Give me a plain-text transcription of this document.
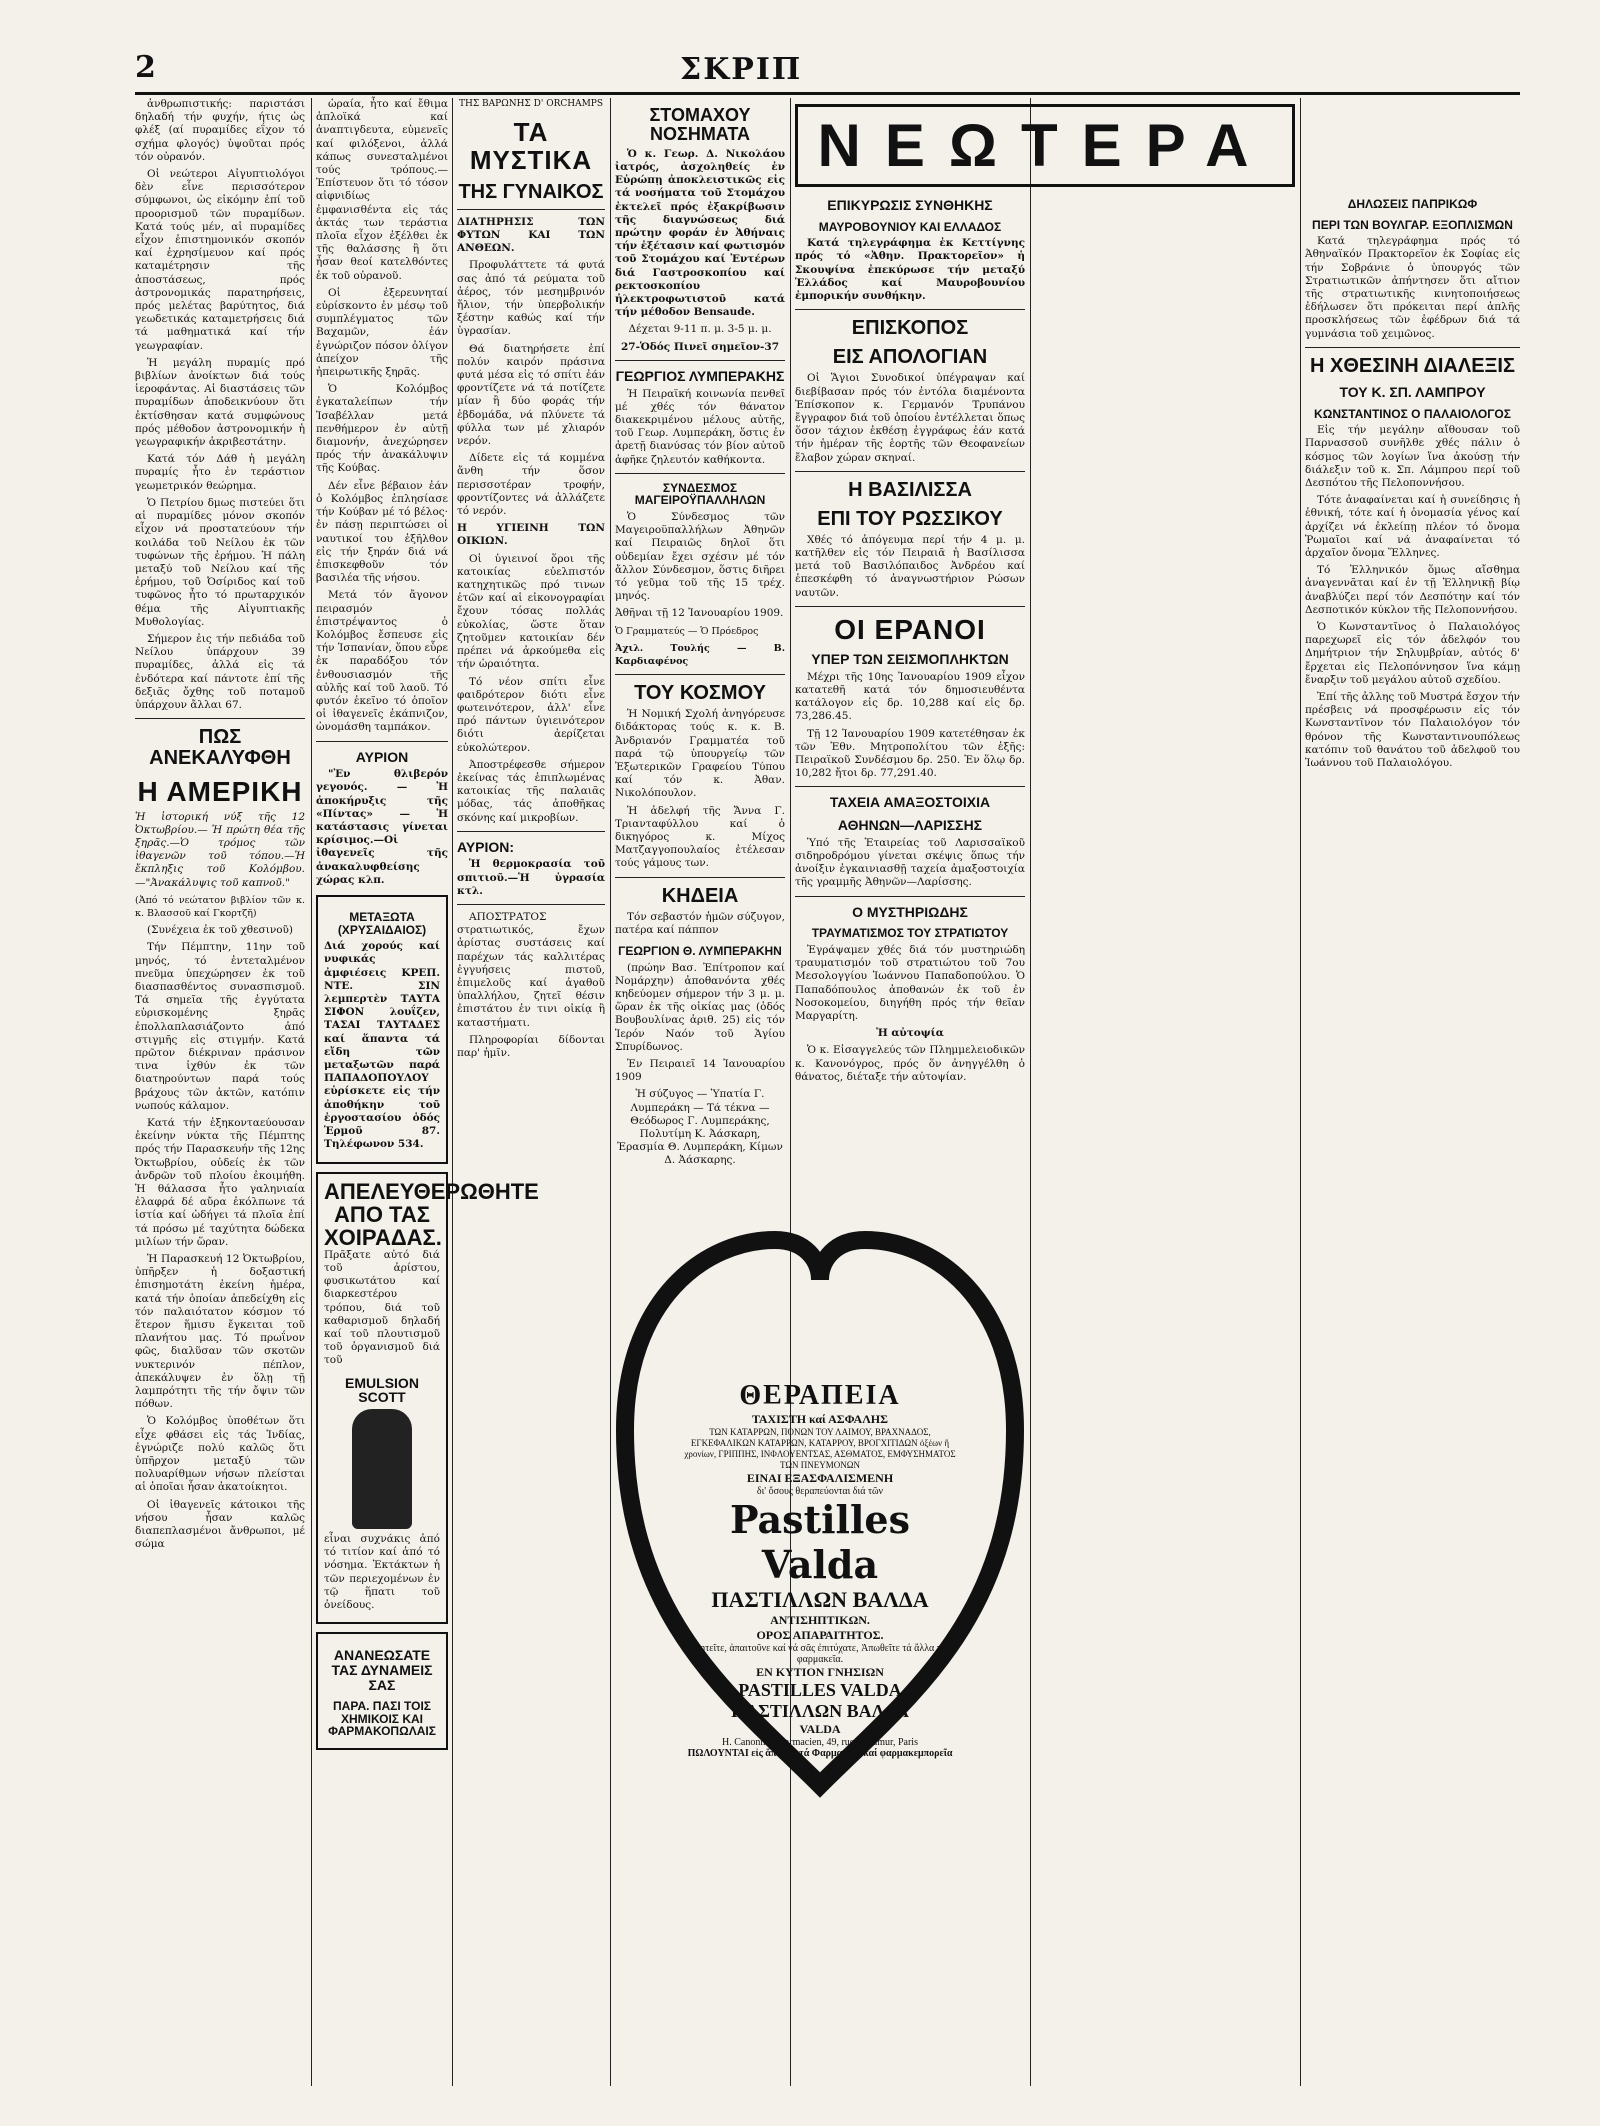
2	ΣΚΡΙΠ

ἀνθρωπιστικής: παριστάσι δηλαδή τήν φυχήν, ήτις ὡς φλέξ (αί πυραμίδες εΐχον τό σχήμα φλογός) ὑψοῦται πρός τόν οὐρανόν.

Οἱ νεώτεροι Αἰγυπτιολόγοι δὲν εἶνε περισσότερον σύμφωνοι, ὡς εἰκόμην ἐπί τοῦ προορισμοῦ τῶν πυραμίδων. Κατά τούς μέν, αἱ πυραμίδες εἶχον ἐπιστημονικόν σκοπόν καί ἐχρησίμευον καί πρός καταμέτρησιν τῆς ἀποστάσεως, πρός ἀστρονομικάς παρατηρήσεις, πρός μελέτας βαρύτητος, διά γεωδετικάς καταμετρήσεις διά τά μαθηματικά καί τήν γεωγραφίαν.

Ἡ μεγάλη πυραμίς πρό βιβλίων ἀνοίκτων διά τούς ἱεροφάντας. Αἱ διαστάσεις τῶν πυραμίδων ἀποδεικνύουν ὅτι ἐκτίσθησαν κατά συμφώνους πρός μέθοδον ἀστρονομικήν ἡ γεωγραφικήν ἀκριβεστάτην.

Κατά τόν Δάθ ἡ μεγάλη πυραμίς ἦτο ἐν τεράστιον γεωμετρικόν θεώρημα.

Ὁ Πετρίου δμως πιστεύει ὅτι αἱ πυραμίδες μόνον σκοπόν εἶχον νά προστατεύουν τήν κοιλάδα τοῦ Νείλου ἐκ τῶν τυφώνων τῆς ἐρήμου. Ἡ πάλη μεταξύ τοῦ Νείλου καί τῆς ἐρήμου, τοῦ Ὀσίριδος καί τοῦ τυφῶνος ἦτο τό πρωταρχικόν θέμα τῆς Αἰγυπτιακῆς Μυθολογίας.

Σήμερον ἐις τήν πεδιάδα τοῦ Νείλου ὑπάρχουν 39 πυραμίδες, ἀλλά εἰς τά ἐνδότερα καί πάντοτε ἐπί τῆς δεξιᾶς ὄχθης τοῦ ποταμοῦ ὑπάρχουν ἄλλαι 67.

ΠΩΣ ΑΝΕΚΑΛΥΦΘΗ
Η ΑΜΕΡΙΚΗ

Ἡ ἱστορική νύξ τῆς 12 Ὀκτωβρίου.— Ἡ πρώτη θέα τῆς ξηρᾶς.—Ὁ τρόμος τῶν ἰθαγενῶν τοῦ τόπου.—Ἡ ἔκπληξις τοῦ Κολόμβου.—"Ἀνακάλυψις τοῦ καπνοῦ."

(Ἀπό τό νεώτατον βιβλίον τῶν κ. κ. Βλασσοῦ καί Γκορτζῆ)

(Συνέχεια ἐκ τοῦ χθεσινοῦ)

Τήν Πέμπτην, 11ην τοῦ μηνός, τό ἐντεταλμένον πνεῦμα ὑπεχώρησεν ἐκ τοῦ διασπασθέντος συνασπισμοῦ. Τά σημεῖα τῆς ἐγγύτατα εὑρισκομένης ξηρᾶς ἐπολλαπλασιάζοντο ἀπό στιγμῆς εἰς στιγμήν. Κατά πρῶτον διέκριναν πράσινον τινα ἰχθύν ἐκ τῶν διατηρούντων παρά τούς βράχους τῶν ἀκτῶν, κατόπιν νωπούς κάλαμον.

Κατά τήν ἑξηκονταεύουσαν ἐκείνην νύκτα τῆς Πέμπτης πρός τήν Παρασκευήν τῆς 12ης Ὀκτωβρίου, οὐδείς ἐκ τῶν ἀνδρῶν τοῦ πλοίου ἐκοιμήθη. Ἡ θάλασσα ἦτο γαληνιαία ἐλαφρά δέ αὔρα ἐκόλπωνε τά ἱστία καί ὡδήγει τά πλοῖα ἐπί τά πρόσω μέ ταχύτητα δώδεκα μιλίων τήν ὥραν.

Ἡ Παρασκευή 12 Ὀκτωβρίου, ὑπῆρξεν ἡ δοξαστική ἐπισημοτάτη ἐκείνη ἡμέρα, κατά τήν ὁποίαν ἀπεδείχθη εἰς τόν παλαιότατον κόσμον τό ἕτερον ἥμισυ ἔγκειται τοῦ πλανήτου μας. Τό πρωΐνον φῶς, διαλῦσαν τῶν σκοτῶν νυκτερινόν πέπλον, ἀπεκάλυψεν ἐν ὅλῃ τῇ λαμπρότητι τῆς τήν ὄψιν τῶν πόθων.

Ὁ Κολόμβος ὑποθέτων ὅτι εἶχε φθάσει εἰς τάς Ἰνδίας, ἐγνώριζε πολύ καλῶς ὅτι ὑπῆρχον μεταξύ τῶν πολυαρίθμων νήσων πλείσται αἱ ὁποῖαι ἦσαν ἀκατοίκητοι.

Οἱ ἰθαγενεῖς κάτοικοι τῆς νήσου ἦσαν καλῶς διαπεπλασμένοι ἄνθρωποι, μέ σώμα

ὡραία, ἦτο καί ἔθιμα ἁπλοϊκά καί ἀναπτιγδευτα, εὐμενεῖς καί φιλόξενοι, ἀλλά κάπως συνεσταλμένοι τούς τρόπους.— Ἐπίστευον ὅτι τό τόσον αἰφνιδίως ἐμφανισθέντα εἰς τάς ἀκτάς των τεράστια πλοῖα εἶχον ἐξέλθει ἐκ τῆς θαλάσσης ἢ ὅτι ἦσαν θεοί κατελθόντες ἐκ τοῦ οὐρανοῦ.

Οἱ ἐξερευνηταί εὐρίσκοντο ἐν μέσῳ τοῦ συμπλέγματος τῶν Βαχαμῶν, ἐάν ἐγνώριζον πόσον ὀλίγον ἀπείχον τῆς ἠπειρωτικῆς ξηρᾶς.

Ὁ Κολόμβος ἐγκαταλείπων τήν Ἰσαβέλλαν μετά πενθήμερον ἐν αὐτῇ διαμονήν, ἀνεχώρησεν πρός τήν ἀνακάλυψιν τῆς Κούβας.

Δέν εἶνε βέβαιον ἐάν ὁ Κολόμβος ἐπλησίασε τήν Κούβαν μέ τό βέλος· ἐν πάσῃ περιπτώσει οἱ ναυτικοί του ἐξῆλθον εἰς τήν ξηράν διά νά ἐπισκεφθοῦν τόν βασιλέα τῆς νήσου.

Μετά τόν ἄγονον πειρασμόν ἐπιστρέψαντος ὁ Κολόμβος ἔσπευσε εἰς τήν Ἰσπανίαν, ὅπου εὗρε ἐκ παραδόξου τόν ἐνθουσιασμόν τῆς αὐλῆς καί τοῦ λαοῦ. Τό φυτόν ἐκεῖνο τό ὁποῖον οἱ ἰθαγενεῖς ἐκάπνιζον, ὠνομάσθη ταμπάκον.

ΑΥΡΙΟΝ

"Ἐν θλιβερόν γεγονός. — Ἡ ἀποκήρυξις τῆς «Πίντας» — Ἡ κατάστασις γίνεται κρίσιμος.—Οἱ ἰθαγενεῖς τῆς ἀνακαλυφθείσης χώρας κλπ.

ΜΕΤΑΞΩΤΑ (ΧΡΥΣΑΙΔΑΙΟΣ)

Διά χορούς καί νυφικάς ἀμφιέσεις ΚΡΕΠ. ΝΤΕ. ΣΙΝ λεμπερτὲν ΤΑΥΤΑ ΣΙΦΟΝ λουΐζεν, ΤΑΣΑΙ ΤΑΥΤΑΔΕΣ καί ἅπαντα τά εἴδη τῶν μεταξωτῶν παρά ΠΑΠΑΔΟΠΟΥΛΟΥ εὑρίσκετε εἰς τήν ἀποθήκην τοῦ ἐργοστασίου ὁδός Ἑρμοῦ 87. Τηλέφωνον 534.

ΑΠΕΛΕΥΘΕΡΩΘΗΤΕ ΑΠΟ ΤΑΣ ΧΟΙΡΑΔΑΣ.

Πρᾶξατε αὐτό διά τοῦ ἀρίστου, φυσικωτάτου καί διαρκεστέρου τρόπου, διά τοῦ καθαρισμοῦ δηλαδή καί τοῦ πλουτισμοῦ τοῦ ὀργανισμοῦ διά τοῦ

EMULSION SCOTT

εἶναι συχνάκις ἀπό τό τιτίον καί ἀπό τό νόσημα. Ἐκτάκτων ἡ τῶν περιεχομένων ἐν τῷ ἥπατι τοῦ ὀνείδους.

ΑΝΑΝΕΩΣΑΤΕ ΤΑΣ ΔΥΝΑΜΕΙΣ ΣΑΣ
ΠΑΡΑ. ΠΑΣΙ ΤΟΙΣ ΧΗΜΙΚΟΙΣ ΚΑΙ ΦΑΡΜΑΚΟΠΩΛΑΙΣ
ΤΗΣ ΒΑΡΩΝΗΣ D' ORCHAMPS
ΤΑ ΜΥΣΤΙΚΑ
ΤΗΣ ΓΥΝΑΙΚΟΣ

ΔΙΑΤΗΡΗΣΙΣ ΤΩΝ ΦΥΤΩΝ ΚΑΙ ΤΩΝ ΑΝΘΕΩΝ.

Προφυλάττετε τά φυτά σας ἀπό τά ρεύματα τοῦ ἀέρος, τόν μεσημβρινόν ἥλιον, τήν ὑπερβολικήν ξέστην καθώς καί τήν ὑγρασίαν.

Θά διατηρήσετε ἐπί πολύν καιρόν πράσινα φυτά μέσα εἰς τό σπίτι ἐάν φροντίζετε νά τά ποτίζετε μίαν ἢ δύο φοράς τήν ἑβδομάδα, νά πλύνετε τά φύλλα των μέ χλιαρόν νερόν.

Δίδετε εἰς τά κομμένα ἄνθη τήν ὅσον περισσοτέραν τροφήν, φροντίζοντες νά ἀλλάζετε τό νερόν.

Η ΥΓΙΕΙΝΗ ΤΩΝ ΟΙΚΙΩΝ.

Οἱ ὑγιεινοί ὅροι τῆς κατοικίας εὐελπιστόν κατηχητικῶς πρό τινων ἐτῶν καί αἱ εἰκονογραφίαι ἔχουν τόσας πολλάς εὐκολίας, ὥστε ὅταν ζητοῦμεν κατοικίαν δέν πρέπει νά ἀρκούμεθα εἰς τήν ὡραιότητα.

Τό νέον σπίτι εἶνε φαιδρότερον διότι εἶνε φωτεινότερον, ἀλλ' εἶνε πρό πάντων ὑγιεινότερον διότι ἀερίζεται εὐκολώτερον.

Ἀποστρέφεσθε σήμερον ἐκείνας τάς ἐπιπλωμένας κατοικίας τῆς παλαιᾶς μόδας, τάς ἀποθῆκας σκόνης καί μικροβίων.

ΑΥΡΙΟΝ:

Ἡ θερμοκρασία τοῦ σπιτιοῦ.—Ἡ ὑγρασία κτλ.

ΑΠΟΣΤΡΑΤΟΣ στρατιωτικός, ἔχων ἀρίστας συστάσεις καί παρέχων τάς καλλιτέρας ἐγγυήσεις πιστοῦ, ἐπιμελοῦς καί ἀγαθοῦ ὑπαλλήλου, ζητεῖ θέσιν ἐπιστάτου ἐν τινι οἰκίᾳ ἢ καταστήματι.

Πληροφορίαι δίδονται παρ' ἡμῖν.

ΣΤΟΜΑΧΟΥ ΝΟΣΗΜΑΤΑ

Ὁ κ. Γεωρ. Δ. Νικολάου ἰατρός, ἀσχοληθείς ἐν Εὐρώπῃ ἀποκλειστικῶς εἰς τά νοσήματα τοῦ Στομάχου ἐκτελεῖ πρός ἐξακρίβωσιν τῆς διαγνώσεως διά πρώτην φοράν ἐν Ἀθήναις τήν ἐξέτασιν καί φωτισμόν τοῦ Στομάχου καί Ἐντέρων διά Γαστροσκοπίου καί ρεκτοσκοπίου ἠλεκτροφωτιστοῦ κατά τήν μέθοδον Bensaude.

Δέχεται 9-11 π. μ. 3-5 μ. μ.

27-Ὁδός Πινεῖ σημεῖον-37

ΓΕΩΡΓΙΟΣ ΛΥΜΠΕΡΑΚΗΣ

Ἡ Πειραϊκή κοινωνία πενθεῖ μέ χθές τόν θάνατον διακεκριμένου μέλους αὐτῆς, τοῦ Γεωρ. Λυμπεράκη, ὅστις ἐν ἀρετῇ διανύσας τόν βίον αὐτοῦ ἀφῆκε ζηλευτόν καθήκοντα.

ΣΥΝΔΕΣΜΟΣ ΜΑΓΕΙΡΟΫΠΑΛΛΗΛΩΝ

Ὁ Σύνδεσμος τῶν Μαγειροϋπαλλήλων Ἀθηνῶν καί Πειραιῶς δηλοῖ ὅτι οὐδεμίαν ἔχει σχέσιν μέ τόν ἄλλον Σύνδεσμον, ὅστις διῆρει τό γεῦμα τοῦ τῆς 15 τρέχ. μηνός.

Ἀθῆναι τῇ 12 Ἰανουαρίου 1909.

Ὁ Γραμματεύς — Ὁ Πρόεδρος

Ἀχιλ. Τουλής — Β. Καρδιαφένος

ΤΟΥ ΚΟΣΜΟΥ

Ἡ Νομική Σχολή ἀνηγόρευσε διδάκτορας τούς κ. κ. Β. Ἀνδριανόν Γραμματέα τοῦ παρά τῷ ὑπουργείῳ τῶν Ἐξωτερικῶν Γραφείου Τύπου καί τόν κ. Ἀθαν. Νικολόπουλον.

Ἡ ἀδελφή τῆς Ἄννα Γ. Τριανταφύλλου καί ὁ δικηγόρος κ. Μίχος Ματζαγγοπουλαίος ἐτέλεσαν τούς γάμους των.

ΚΗΔΕΙΑ

Τόν σεβαστόν ἡμῶν σύζυγον, πατέρα καί πάππον

ΓΕΩΡΓΙΟΝ Θ. ΛΥΜΠΕΡΑΚΗΝ

(πρώην Βασ. Ἐπίτροπον καί Νομάρχην) ἀποθανόντα χθές κηδεύομεν σήμερον τήν 3 μ. μ. ὥραν ἐκ τῆς οἰκίας μας (ὁδός Βουβουλίνας ἀριθ. 25) εἰς τόν Ἱερόν Ναόν τοῦ Ἁγίου Σπυρίδωνος.

Ἐν Πειραιεῖ 14 Ἰανουαρίου 1909

Ἡ σύζυγος — Ὑπατία Γ. Λυμπεράκη — Τά τέκνα — Θεόδωρος Γ. Λυμπεράκης, Πολυτίμη Κ. Ἀάσκαρη, Ἐρασμία Θ. Λυμπεράκη, Κίμων Δ. Ἀάσκαρης.

ΝΕΩΤΕΡΑ
ΕΠΙΚΥΡΩΣΙΣ ΣΥΝΘΗΚΗΣ
ΜΑΥΡΟΒΟΥΝΙΟΥ ΚΑΙ ΕΛΛΑΔΟΣ

Κατά τηλεγράφημα ἐκ Κεττίγνης πρός τό «Ἀθην. Πρακτορεῖον» ἡ Σκουψίνα ἐπεκύρωσε τήν μεταξύ Ἑλλάδος καί Μαυροβουνίου ἐμπορικήν συνθήκην.

ΕΠΙΣΚΟΠΟΣ
ΕΙΣ ΑΠΟΛΟΓΙΑΝ

Οἱ Ἅγιοι Συνοδικοί ὑπέγραψαν καί διεβίβασαν πρός τόν ἐντόλα διαμένοντα Ἐπίσκοπον κ. Γερμανόν Τρυπάνου ἔγγραφον διά τοῦ ὁποίου ἐντέλλεται ὅπως ὅσον τάχιον ἐκθέσῃ ἐγγράφως ἐάν κατά τήν ἡμέραν τῆς ἑορτῆς τῶν Θεοφανείων ἔλαβον χώραν σκηναί.

Η ΒΑΣΙΛΙΣΣΑ
ΕΠΙ ΤΟΥ ΡΩΣΣΙΚΟΥ

Χθές τό ἀπόγευμα περί τήν 4 μ. μ. κατῆλθεν εἰς τόν Πειραιᾶ ἡ Βασίλισσα μετά τοῦ Βασιλόπαιδος Ἀνδρέου καί ἐπεσκέφθη τό ἀναγνωστήριον Ρώσων ναυτῶν.

ΟΙ ΕΡΑΝΟΙ
ΥΠΕΡ ΤΩΝ ΣΕΙΣΜΟΠΛΗΚΤΩΝ

Μέχρι τῆς 10ης Ἰανουαρίου 1909 εἶχον κατατεθῆ κατά τόν δημοσιευθέντα κατάλογον εἰς δρ. 10,288 καί εἰς δρ. 73,286.45.

Τῇ 12 Ἰανουαρίου 1909 κατετέθησαν ἐκ τῶν Ἐθν. Μητροπολίτου τῶν ἑξῆς: Πειραϊκοῦ Συνδέσμου δρ. 250. Ἐν ὅλῳ δρ. 10,282 ἤτοι δρ. 77,291.40.

ΤΑΧΕΙΑ ΑΜΑΞΟΣΤΟΙΧΙΑ
ΑΘΗΝΩΝ—ΛΑΡΙΣΣΗΣ

Ὑπό τῆς Ἑταιρείας τοῦ Λαρισσαϊκοῦ σιδηροδρόμου γίνεται σκέψις ὅπως τήν ἀνοίξιν ἐγκαινιασθῇ ταχεία ἀμαξοστοιχία τῆς γραμμῆς Ἀθηνῶν—Λαρίσσης.

Ο ΜΥΣΤΗΡΙΩΔΗΣ
ΤΡΑΥΜΑΤΙΣΜΟΣ ΤΟΥ ΣΤΡΑΤΙΩΤΟΥ

Ἐγράψαμεν χθές διά τόν μυστηριώδη τραυματισμόν τοῦ στρατιώτου τοῦ 7ου Μεσολογγίου Ἰωάννου Παπαδοπούλου. Ὁ Παπαδόπουλος ἀποθανών ἐκ τοῦ ἐν Νοσοκομείου, διηγήθη πρός τήν θεῖαν Μαργαρίτη.

Ἡ αὐτοψία

Ὁ κ. Εἰσαγγελεύς τῶν Πλημμελειοδικῶν κ. Κανονόγρος, πρός ὅν ἀνηγγέλθη ὁ θάνατος, διέταξε τήν αὐτοψίαν.

ΔΗΛΩΣΕΙΣ ΠΑΠΡΙΚΩΦ
ΠΕΡΙ ΤΩΝ ΒΟΥΛΓΑΡ. ΕΞΟΠΛΙΣΜΩΝ

Κατά τηλεγράφημα πρός τό Ἀθηναϊκόν Πρακτορεῖον ἐκ Σοφίας εἰς τήν Σοβράνιε ὁ ὑπουργός τῶν Στρατιωτικῶν ἀπήντησεν ὅτι αἴτιον τῆς στρατιωτικῆς κινητοποιήσεως ἐδήλωσεν ὅτι πρόκειται περί ἀπλῆς προσκλήσεως τῶν ἐφέδρων διά τά γυμνάσια τοῦ χειμῶνος.

Η ΧΘΕΣΙΝΗ ΔΙΑΛΕΞΙΣ
ΤΟΥ Κ. ΣΠ. ΛΑΜΠΡΟΥ
ΚΩΝΣΤΑΝΤΙΝΟΣ Ο ΠΑΛΑΙΟΛΟΓΟΣ

Εἰς τήν μεγάλην αἴθουσαν τοῦ Παρνασσοῦ συνῆλθε χθές πάλιν ὁ κόσμος τῶν λογίων ἵνα ἀκούσῃ τήν διάλεξιν τοῦ κ. Σπ. Λάμπρου περί τοῦ Δεσπότου τῆς Πελοποννήσου.

Τότε ἀναφαίνεται καί ἡ συνείδησις ἡ ἐθνική, τότε καί ἡ ὀνομασία γένος καί ἀρχίζει νά ἐκλείπῃ πλέον τό ὄνομα Ῥωμαῖοι καί νά ἀναφαίνεται τό ἀρχαῖον ὄνομα Ἕλληνες.

Τό Ἑλληνικόν ὅμως αἴσθημα ἀναγεννᾶται καί ἐν τῇ Ἑλληνικῇ βίῳ ἀναβλύζει περί τόν Δεσπότην καί τόν Δεσποτικόν κύκλον τῆς Πελοποννήσου.

Ὁ Κωνσταντῖνος ὁ Παλαιολόγος παρεχωρεῖ εἰς τόν ἀδελφόν του Δημήτριον τήν Σηλυμβρίαν, αὐτός δ' ἔρχεται εἰς Πελοπόννησον ἵνα κάμῃ ἔναρξιν τοῦ μεγάλου αὐτοῦ σχεδίου.

Ἐπί τῆς ἀλλης τοῦ Μυστρά ἔσχον τήν πρέσβεις νά προσφέρωσιν εἰς τόν Κωνσταντῖνον τόν Παλαιολόγον τόν θρόνον τῆς Κωνσταντινουπόλεως κατόπιν τοῦ θανάτου τοῦ ἀδελφοῦ του Ἰωάννου τοῦ Παλαιολόγου.

ΘΕΡΑΠΕΙΑ
ΤΑΧΙΣΤΗ καί ΑΣΦΑΛΗΣ
ΤΩΝ ΚΑΤΑΡΡΩΝ, ΠΟΝΩΝ ΤΟΥ ΛΑΙΜΟΥ, ΒΡΑΧΝΑΔΟΣ, ΕΓΚΕΦΑΛΙΚΩΝ ΚΑΤΑΡΡΩΝ, ΚΑΤΑΡΡΟΥ, ΒΡΟΓΧΙΤΙΔΩΝ ὀξέων ἢ χρονίων, ΓΡΙΠΠΗΣ, ΙΝΦΛΟΥΕΝΤΣΑΣ, ΑΣΘΜΑΤΟΣ, ΕΜΦΥΣΗΜΑΤΟΣ ΤΩΝ ΠΝΕΥΜΟΝΩΝ
ΕΙΝΑΙ ΕΞΑΣΦΑΛΙΣΜΕΝΗ
δι' ὅσους θεραπεύονται διά τῶν
Pastilles Valda
ΠΑΣΤΙΛΛΩΝ ΒΑΛΔΑ
ΑΝΤΙΣΗΠΤΙΚΩΝ.
ΟΡΟΣ ΑΠΑΡΑΙΤΗΤΟΣ.
Ζητεῖτε, ἀπαιτοῦνε καί νά σᾶς ἐπιτύχατε, Ἀπωθεῖτε τά ἄλλα τά φαρμακεῖα.
ΕΝ ΚΥΤΙΟΝ ΓΝΗΣΙΩΝ
PASTILLES VALDA
ΠΑΣΤΙΛΛΩΝ ΒΑΛΔΑ
VALDA
H. Canonne, pharmacien, 49, rue Réaumur, Paris
ΠΩΛΟΥΝΤΑΙ εἰς ἅπαντα τά Φαρμακεῖα καί φαρμακεμπορεῖα
